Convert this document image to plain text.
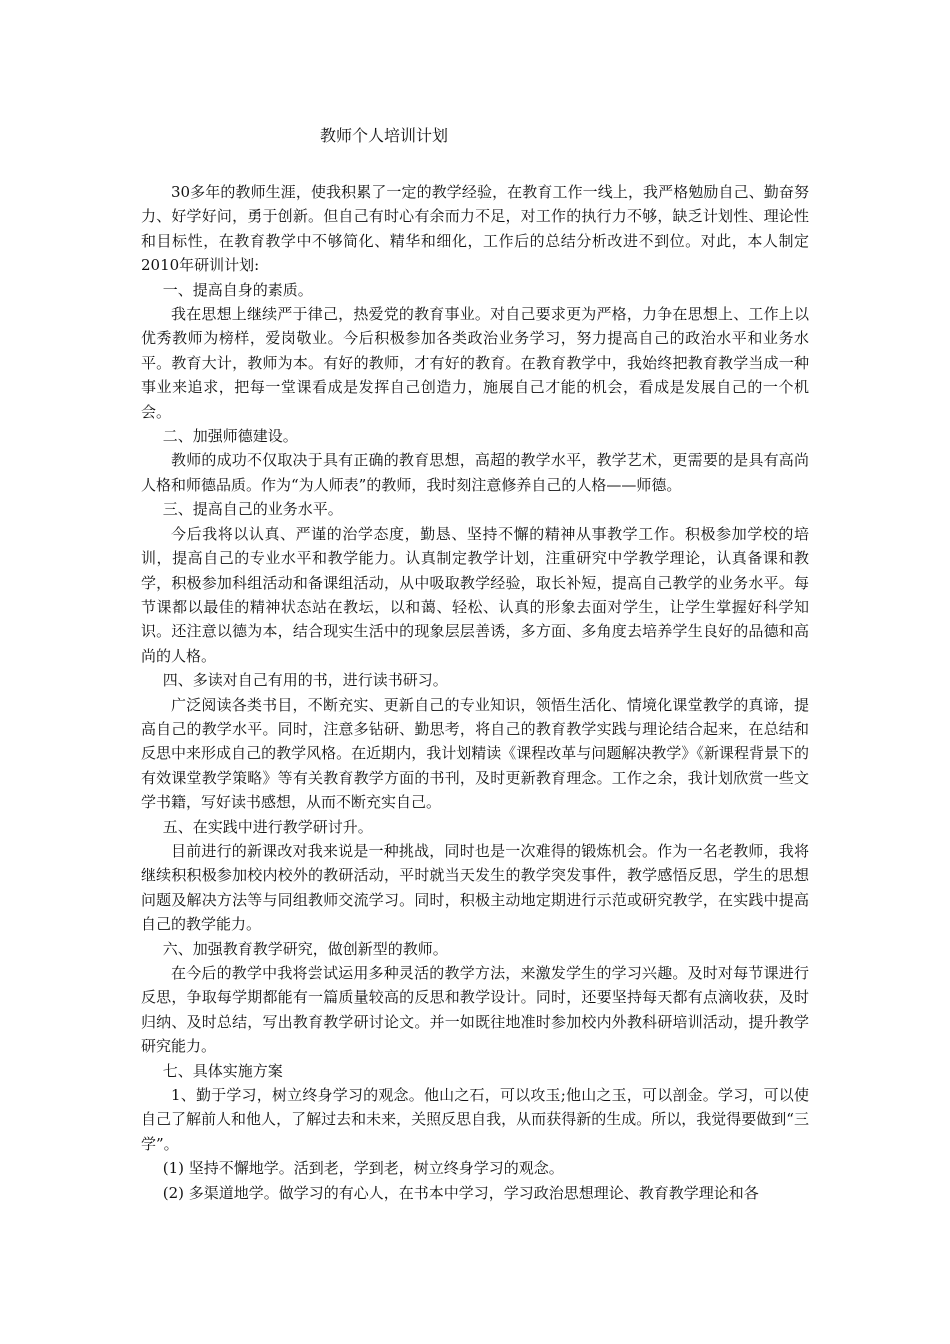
教师个人培训计划

30多年的教师生涯，使我积累了一定的教学经验，在教育工作一线上，我严格勉励自己、勤奋努力、好学好问，勇于创新。但自己有时心有余而力不足，对工作的执行力不够，缺乏计划性、理论性和目标性，在教育教学中不够简化、精华和细化，工作后的总结分析改进不到位。对此，本人制定2010年研训计划:

一、提高自身的素质。

我在思想上继续严于律己，热爱党的教育事业。对自己要求更为严格，力争在思想上、工作上以优秀教师为榜样，爱岗敬业。今后积极参加各类政治业务学习，努力提高自己的政治水平和业务水平。教育大计，教师为本。有好的教师，才有好的教育。在教育教学中，我始终把教育教学当成一种事业来追求，把每一堂课看成是发挥自己创造力，施展自己才能的机会，看成是发展自己的一个机会。

二、加强师德建设。

教师的成功不仅取决于具有正确的教育思想，高超的教学水平，教学艺术，更需要的是具有高尚人格和师德品质。作为“为人师表”的教师，我时刻注意修养自己的人格——师德。

三、提高自己的业务水平。

今后我将以认真、严谨的治学态度，勤恳、坚持不懈的精神从事教学工作。积极参加学校的培训，提高自己的专业水平和教学能力。认真制定教学计划，注重研究中学教学理论，认真备课和教学，积极参加科组活动和备课组活动，从中吸取教学经验，取长补短，提高自己教学的业务水平。每节课都以最佳的精神状态站在教坛，以和蔼、轻松、认真的形象去面对学生，让学生掌握好科学知识。还注意以德为本，结合现实生活中的现象层层善诱，多方面、多角度去培养学生良好的品德和高尚的人格。

四、多读对自己有用的书，进行读书研习。

广泛阅读各类书目，不断充实、更新自己的专业知识，领悟生活化、情境化课堂教学的真谛，提高自己的教学水平。同时，注意多钻研、勤思考，将自己的教育教学实践与理论结合起来，在总结和反思中来形成自己的教学风格。在近期内，我计划精读《课程改革与问题解决教学》《新课程背景下的有效课堂教学策略》等有关教育教学方面的书刊，及时更新教育理念。工作之余，我计划欣赏一些文学书籍，写好读书感想，从而不断充实自己。

五、在实践中进行教学研讨升。

目前进行的新课改对我来说是一种挑战，同时也是一次难得的锻炼机会。作为一名老教师，我将继续积积极参加校内校外的教研活动，平时就当天发生的教学突发事件，教学感悟反思，学生的思想问题及解决方法等与同组教师交流学习。同时，积极主动地定期进行示范或研究教学，在实践中提高自己的教学能力。

六、加强教育教学研究，做创新型的教师。

在今后的教学中我将尝试运用多种灵活的教学方法，来激发学生的学习兴趣。及时对每节课进行反思，争取每学期都能有一篇质量较高的反思和教学设计。同时，还要坚持每天都有点滴收获，及时归纳、及时总结，写出教育教学研讨论文。并一如既往地准时参加校内外教科研培训活动，提升教学研究能力。

七、具体实施方案

1、勤于学习，树立终身学习的观念。他山之石，可以攻玉;他山之玉，可以剖金。学习，可以使自己了解前人和他人，了解过去和未来，关照反思自我，从而获得新的生成。所以，我觉得要做到“三学”。

(1) 坚持不懈地学。活到老，学到老，树立终身学习的观念。

(2) 多渠道地学。做学习的有心人，在书本中学习，学习政治思想理论、教育教学理论和各
